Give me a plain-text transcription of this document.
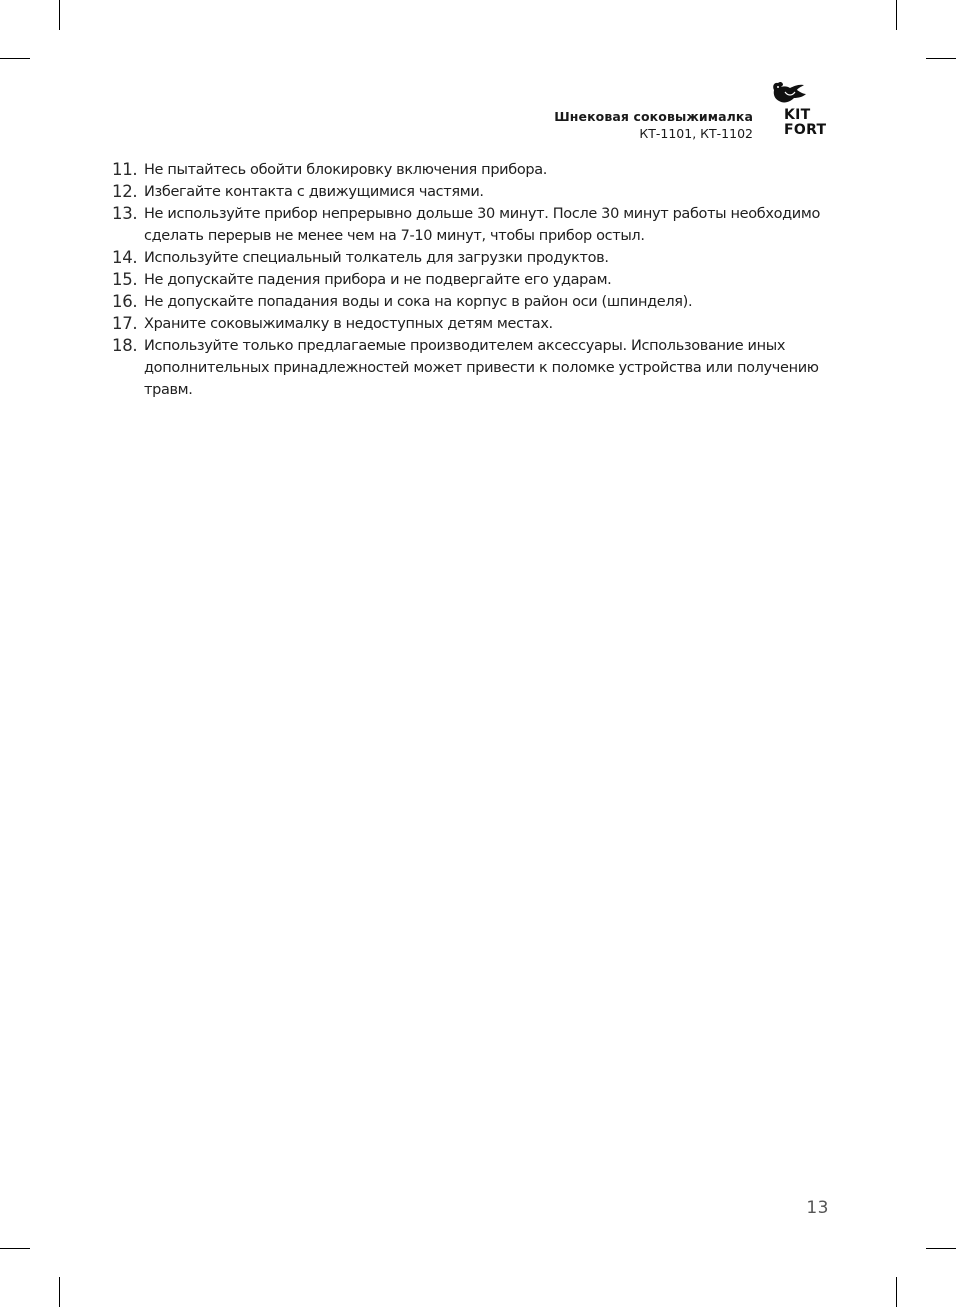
Шнековая соковыжималка
КТ-1101, КТ-1102
KIT
FORT
11. Не пытайтесь обойти блокировку включения прибора.
12. Избегайте контакта с движущимися частями.
13. Не используйте прибор непрерывно дольше 30 минут. После 30 минут работы необходимо сделать перерыв не менее чем на 7-10 минут, чтобы прибор остыл.
14. Используйте специальный толкатель для загрузки продуктов.
15. Не допускайте падения прибора и не подвергайте его ударам.
16. Не допускайте попадания воды и сока на корпус в район оси (шпинделя).
17. Храните соковыжималку в недоступных детям местах.
18. Используйте только предлагаемые производителем аксессуары. Использование иных дополнительных принадлежностей может привести к поломке устройства или получению травм.
13
